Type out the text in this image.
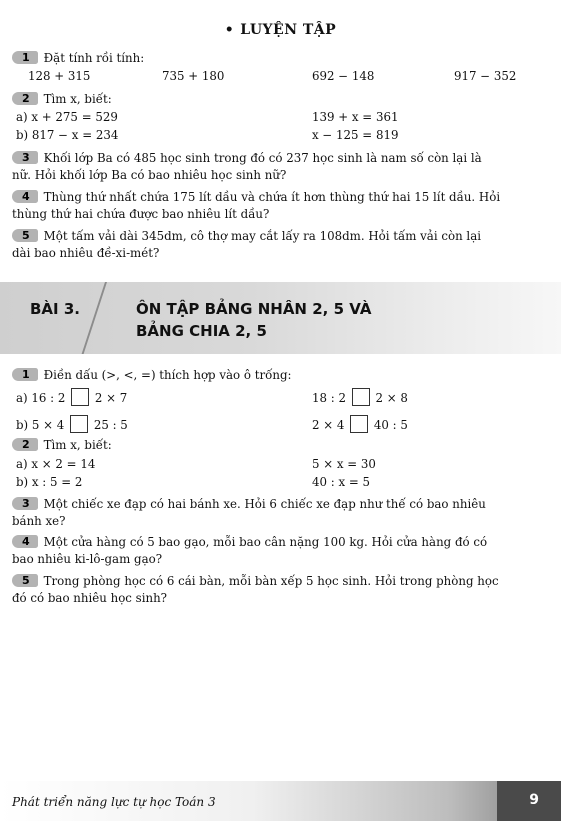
• LUYỆN TẬP
1 Đặt tính rồi tính:
128 + 315	735 + 180	692 − 148	917 − 352
2 Tìm x, biết:
a) x + 275 = 529	139 + x = 361
b) 817 − x = 234	x − 125 = 819
3 Khối lớp Ba có 485 học sinh trong đó có 237 học sinh là nam số còn lại là
nữ. Hỏi khối lớp Ba có bao nhiêu học sinh nữ?
4 Thùng thứ nhất chứa 175 lít dầu và chứa ít hơn thùng thứ hai 15 lít dầu. Hỏi
thùng thứ hai chứa được bao nhiêu lít dầu?
5 Một tấm vải dài 345dm, cô thợ may cắt lấy ra 108dm. Hỏi tấm vải còn lại
dài bao nhiêu đề-xi-mét?
BÀI 3.	ÔN TẬP BẢNG NHÂN 2, 5 VÀ
BẢNG CHIA 2, 5
1 Điền dấu (>, <, =) thích hợp vào ô trống:
a) 16 : 2	2 × 7	18 : 2	2 × 8
b) 5 × 4	25 : 5	2 × 4	40 : 5
2 Tìm x, biết:
a) x × 2 = 14	5 × x = 30
b) x : 5 = 2	40 : x = 5
3 Một chiếc xe đạp có hai bánh xe. Hỏi 6 chiếc xe đạp như thế có bao nhiêu
bánh xe?
4 Một cửa hàng có 5 bao gạo, mỗi bao cân nặng 100 kg. Hỏi cửa hàng đó có
bao nhiêu ki-lô-gam gạo?
5 Trong phòng học có 6 cái bàn, mỗi bàn xếp 5 học sinh. Hỏi trong phòng học
đó có bao nhiêu học sinh?
Phát triển năng lực tự học Toán 3	9
